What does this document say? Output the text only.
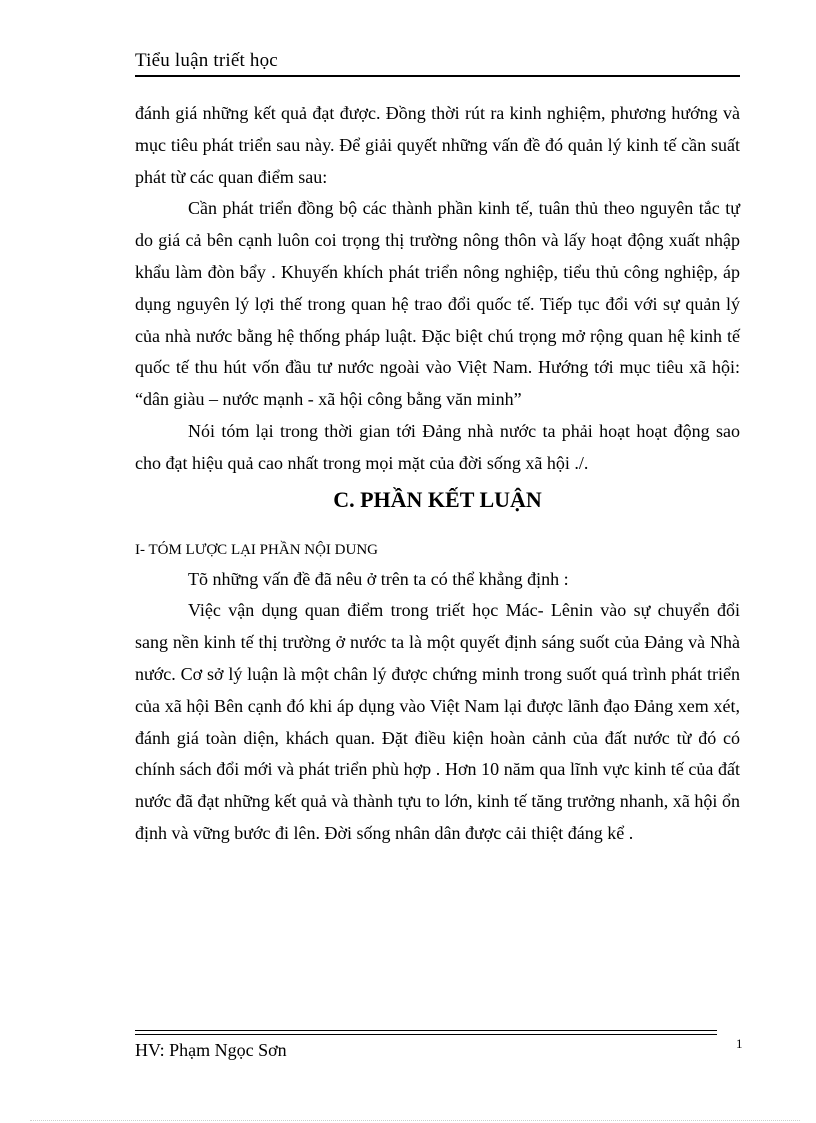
Tiểu luận triết học

đánh giá những kết quả đạt được. Đồng thời rút ra kinh nghiệm, phương hướng và mục tiêu phát triển sau này. Để giải quyết những vấn đề đó quản lý kinh tế cần suất phát từ các quan điểm sau:

Cần phát triển đồng bộ các thành phần kinh tế, tuân thủ theo nguyên tắc tự do giá cả bên cạnh luôn coi trọng thị trường nông thôn và lấy hoạt động xuất nhập khẩu làm đòn bẩy . Khuyến khích phát triển nông nghiệp, tiểu thủ công nghiệp, áp dụng nguyên lý lợi thế trong quan hệ trao đổi quốc tế. Tiếp tục đổi với sự quản lý của nhà nước bằng hệ thống pháp luật. Đặc biệt chú trọng mở rộng quan hệ kinh tế quốc tế thu hút vốn đầu tư nước ngoài vào Việt Nam. Hướng tới mục tiêu xã hội: “dân giàu – nước mạnh - xã hội công bằng văn minh”

Nói tóm lại trong thời gian tới Đảng nhà nước ta phải hoạt hoạt động sao cho đạt hiệu quả cao nhất trong mọi mặt của đời sống xã hội ./.

C. PHẦN KẾT LUẬN

I- TÓM LƯỢC LẠI PHẦN NỘI DUNG

Tõ những vấn đề đã nêu ở trên ta có thể khẳng định :

Việc vận dụng quan điểm trong triết học Mác- Lênin vào sự chuyển đổi sang nền kinh tế thị trường ở nước ta là một quyết định sáng suốt của Đảng và Nhà nước. Cơ sở lý luận là một chân lý được chứng minh trong suốt quá trình phát triển của xã hội Bên cạnh đó khi áp dụng vào Việt Nam lại được lãnh đạo Đảng xem xét, đánh giá toàn diện, khách quan. Đặt điều kiện hoàn cảnh của đất nước từ đó có chính sách đổi mới và phát triển phù hợp . Hơn 10 năm qua lĩnh vực kinh tế của đất nước đã đạt những kết quả và thành tựu to lớn, kinh tế tăng trưởng nhanh, xã hội ổn định và vững bước đi lên. Đời sống nhân dân được cải thiệt đáng kể .

HV: Phạm Ngọc Sơn	1
